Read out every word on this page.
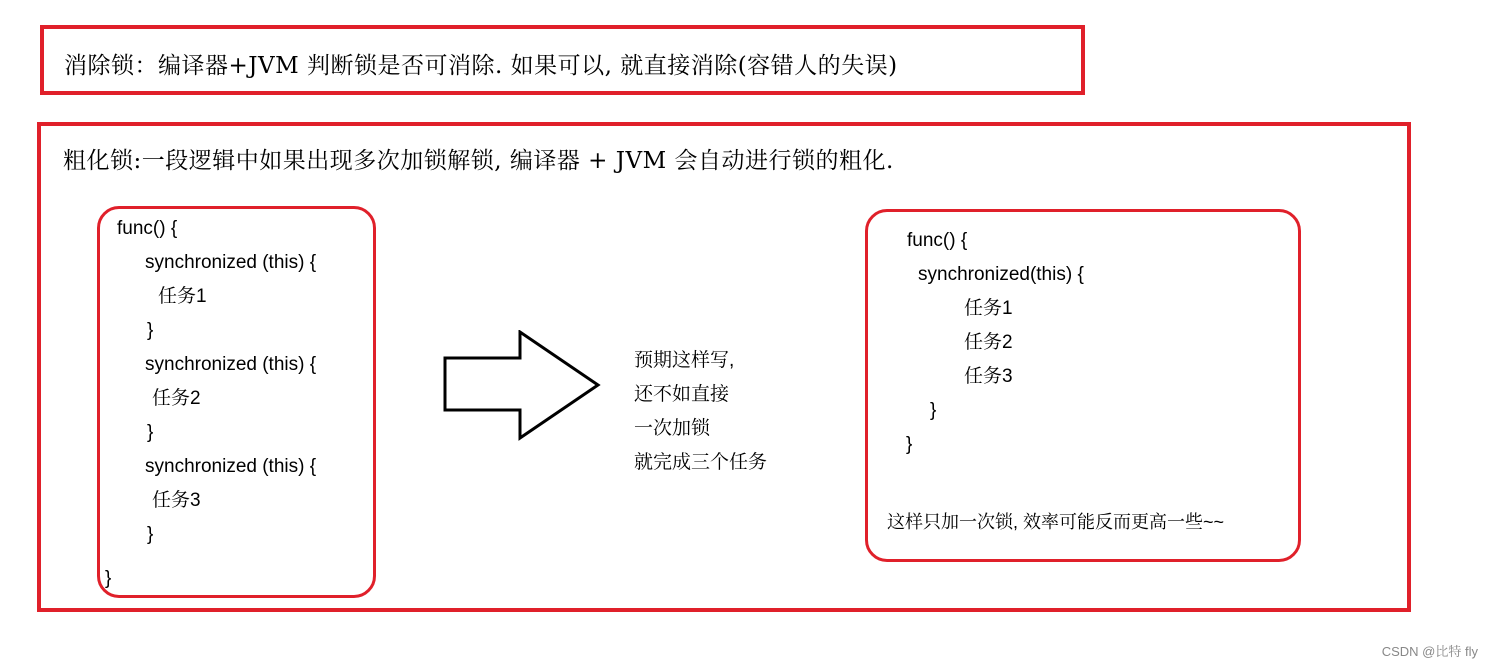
消除锁：编译器+JVM 判断锁是否可消除. 如果可以, 就直接消除(容错人的失误)
粗化锁:一段逻辑中如果出现多次加锁解锁, 编译器 + JVM 会自动进行锁的粗化.
func() {
synchronized (this) {
任务1
}
synchronized (this) {
任务2
}
synchronized (this) {
任务3
}
}
预期这样写,
还不如直接
一次加锁
就完成三个任务
func() {
synchronized(this) {
任务1
任务2
任务3
}
}
这样只加一次锁, 效率可能反而更高一些~~
CSDN @比特 fly
